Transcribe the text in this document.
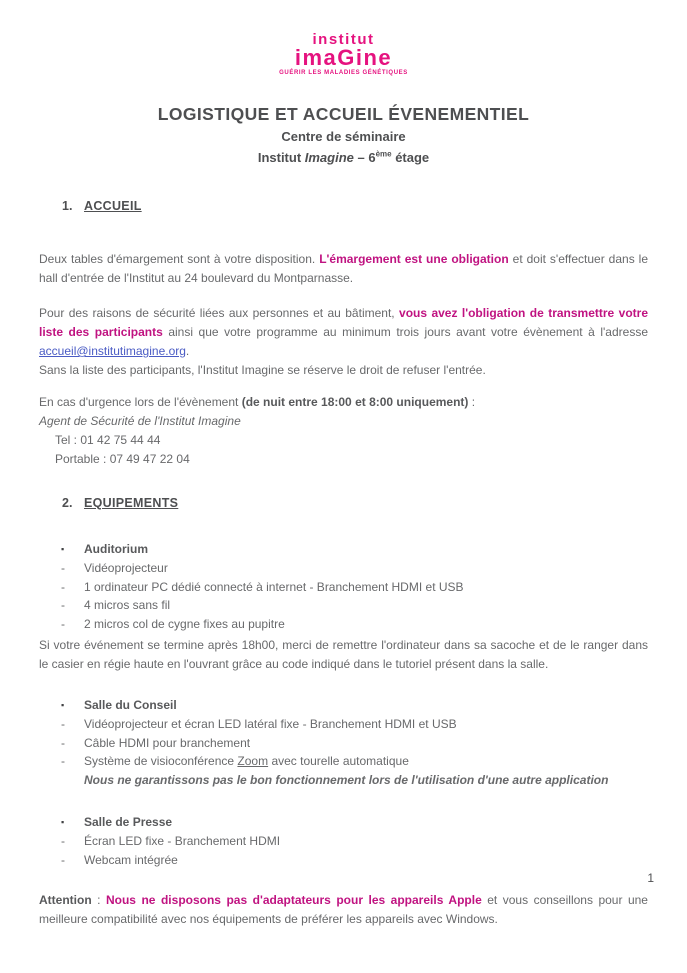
institut
imaGine
GUÉRIR LES MALADIES GÉNÉTIQUES
LOGISTIQUE ET ACCUEIL ÉVENEMENTIEL
Centre de séminaire
Institut Imagine – 6ème étage
1. ACCUEIL

Deux tables d'émargement sont à votre disposition. L'émargement est une obligation et doit s'effectuer dans le hall d'entrée de l'Institut au 24 boulevard du Montparnasse.

Pour des raisons de sécurité liées aux personnes et au bâtiment, vous avez l'obligation de transmettre votre liste des participants ainsi que votre programme au minimum trois jours avant votre évènement à l'adresse accueil@institutimagine.org.
Sans la liste des participants, l'Institut Imagine se réserve le droit de refuser l'entrée.

En cas d'urgence lors de l'évènement (de nuit entre 18:00 et 8:00 uniquement) :
Agent de Sécurité de l'Institut Imagine
Tel : 01 42 75 44 44
Portable : 07 49 47 22 04
2. EQUIPEMENTS
▪	Auditorium
-	Vidéoprojecteur
-	1 ordinateur PC dédié connecté à internet - Branchement HDMI et USB
-	4 micros sans fil
-	2 micros col de cygne fixes au pupitre

Si votre événement se termine après 18h00, merci de remettre l'ordinateur dans sa sacoche et de le ranger dans le casier en régie haute en l'ouvrant grâce au code indiqué dans le tutoriel présent dans la salle.

▪	Salle du Conseil
-	Vidéoprojecteur et écran LED latéral fixe - Branchement HDMI et USB
-	Câble HDMI pour branchement
-	Système de visioconférence Zoom avec tourelle automatique
Nous ne garantissons pas le bon fonctionnement lors de l'utilisation d'une autre application
▪	Salle de Presse
-	Écran LED fixe - Branchement HDMI
-	Webcam intégrée

Attention : Nous ne disposons pas d'adaptateurs pour les appareils Apple et vous conseillons pour une meilleure compatibilité avec nos équipements de préférer les appareils avec Windows.

1
